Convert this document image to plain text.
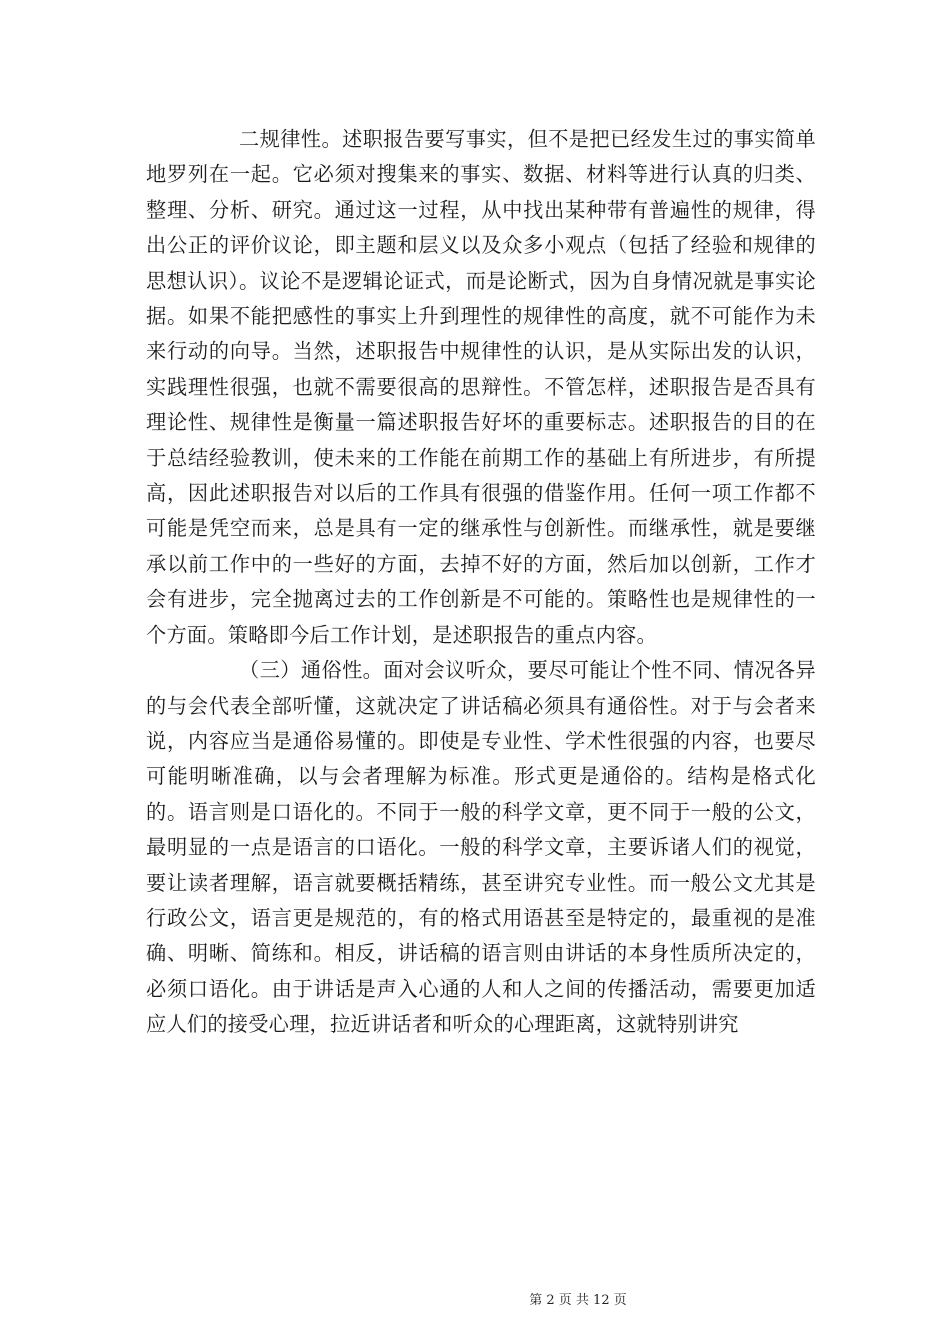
二规律性。述职报告要写事实，但不是把已经发生过的事实简单地罗列在一起。它必须对搜集来的事实、数据、材料等进行认真的归类、整理、分析、研究。通过这一过程，从中找出某种带有普遍性的规律，得出公正的评价议论，即主题和层义以及众多小观点（包括了经验和规律的思想认识）。议论不是逻辑论证式，而是论断式，因为自身情况就是事实论据。如果不能把感性的事实上升到理性的规律性的高度，就不可能作为未来行动的向导。当然，述职报告中规律性的认识，是从实际出发的认识，实践理性很强，也就不需要很高的思辩性。不管怎样，述职报告是否具有理论性、规律性是衡量一篇述职报告好坏的重要标志。述职报告的目的在于总结经验教训，使未来的工作能在前期工作的基础上有所进步，有所提高，因此述职报告对以后的工作具有很强的借鉴作用。任何一项工作都不可能是凭空而来，总是具有一定的继承性与创新性。而继承性，就是要继承以前工作中的一些好的方面，去掉不好的方面，然后加以创新，工作才会有进步，完全抛离过去的工作创新是不可能的。策略性也是规律性的一个方面。策略即今后工作计划，是述职报告的重点内容。

（三）通俗性。面对会议听众，要尽可能让个性不同、情况各异的与会代表全部听懂，这就决定了讲话稿必须具有通俗性。对于与会者来说，内容应当是通俗易懂的。即使是专业性、学术性很强的内容，也要尽可能明晰准确，以与会者理解为标准。形式更是通俗的。结构是格式化的。语言则是口语化的。不同于一般的科学文章，更不同于一般的公文，最明显的一点是语言的口语化。一般的科学文章，主要诉诸人们的视觉，要让读者理解，语言就要概括精练，甚至讲究专业性。而一般公文尤其是行政公文，语言更是规范的，有的格式用语甚至是特定的，最重视的是准确、明晰、简练和。相反，讲话稿的语言则由讲话的本身性质所决定的，必须口语化。由于讲话是声入心通的人和人之间的传播活动，需要更加适应人们的接受心理，拉近讲话者和听众的心理距离，这就特别讲究

第 2 页 共 12 页
